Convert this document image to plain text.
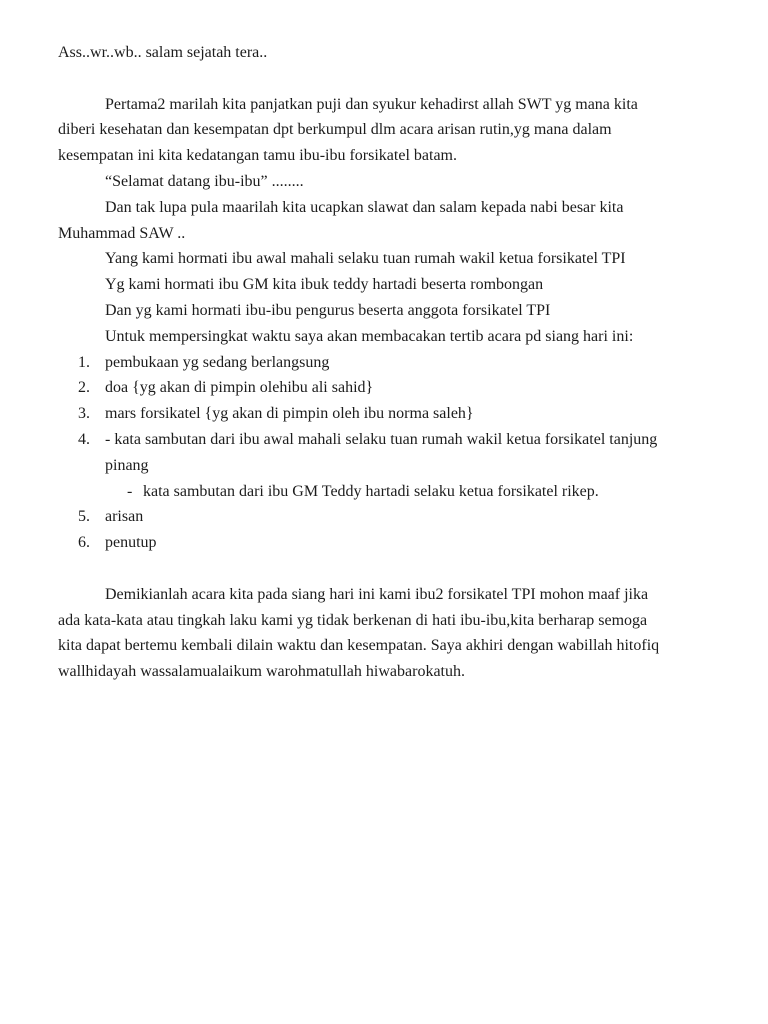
Ass..wr..wb.. salam sejatah tera..
Pertama2 marilah kita panjatkan puji dan syukur kehadirst allah SWT yg mana kita
diberi kesehatan dan kesempatan dpt berkumpul dlm acara arisan rutin,yg mana dalam
kesempatan ini kita kedatangan tamu ibu-ibu forsikatel batam.
“Selamat datang ibu-ibu” ........
Dan tak lupa pula maarilah kita ucapkan slawat dan salam kepada nabi besar kita
Muhammad SAW ..
Yang kami hormati ibu awal mahali selaku tuan rumah wakil ketua forsikatel TPI
Yg kami hormati ibu GM kita ibuk teddy hartadi beserta rombongan
Dan yg kami hormati ibu-ibu pengurus beserta anggota forsikatel TPI
Untuk mempersingkat waktu saya akan membacakan tertib acara pd siang hari ini:
1. pembukaan yg sedang berlangsung
2. doa {yg akan di pimpin olehibu ali sahid}
3. mars forsikatel {yg akan di pimpin oleh ibu norma saleh}
4. - kata sambutan dari ibu awal mahali selaku tuan rumah wakil ketua forsikatel tanjung
pinang
- kata sambutan dari ibu GM Teddy hartadi selaku ketua forsikatel rikep.
5. arisan
6. penutup
Demikianlah acara kita pada siang hari ini kami ibu2 forsikatel TPI mohon maaf jika
ada kata-kata atau tingkah laku kami yg tidak berkenan di hati ibu-ibu,kita berharap semoga
kita dapat bertemu kembali dilain waktu dan kesempatan. Saya akhiri dengan wabillah hitofiq
wallhidayah wassalamualaikum warohmatullah hiwabarokatuh.
